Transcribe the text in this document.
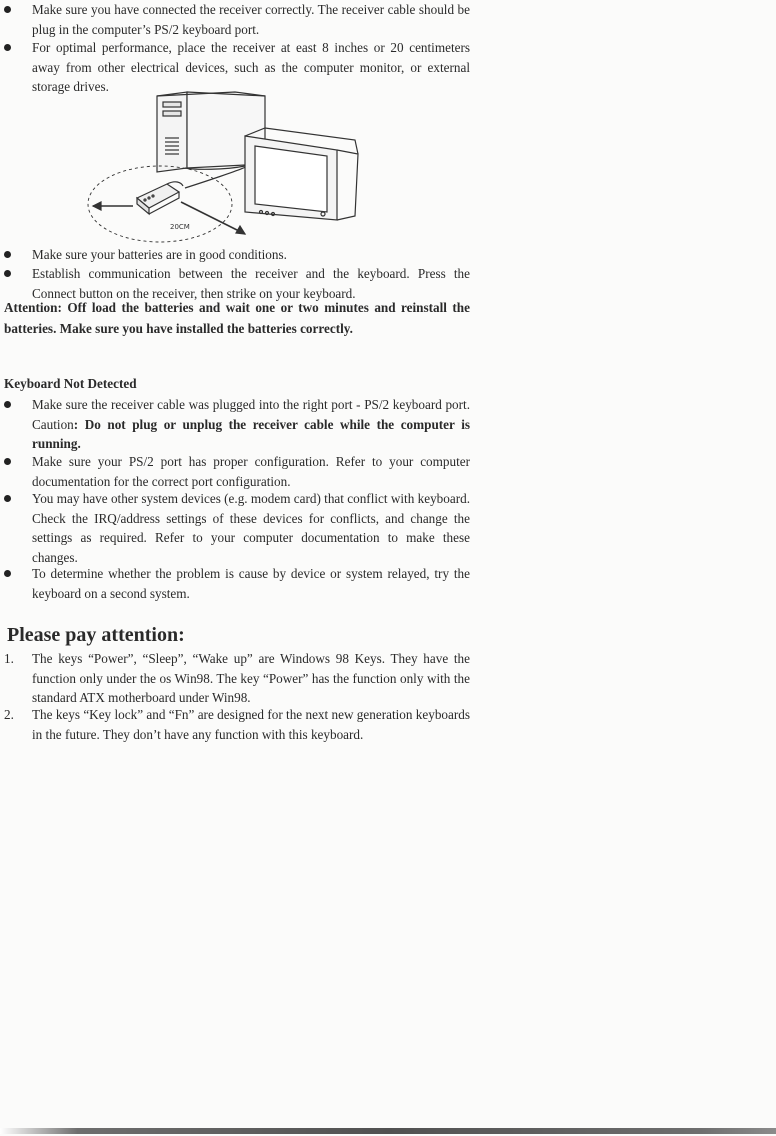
Make sure you have connected the receiver correctly. The receiver cable should be plug in the computer’s PS/2 keyboard port.
For optimal performance, place the receiver at east 8 inches or 20 centimeters away from other electrical devices, such as the computer monitor, or external storage drives.
20CM
Make sure your batteries are in good conditions.
Establish communication between the receiver and the keyboard. Press the Connect button on the receiver, then strike on your keyboard.
Attention: Off load the batteries and wait one or two minutes and reinstall the batteries. Make sure you have installed the batteries correctly.
Keyboard Not Detected
Make sure the receiver cable was plugged into the right port - PS/2 keyboard port. Caution: Do not plug or unplug the receiver cable while the computer is running.
Make sure your PS/2 port has proper configuration. Refer to your computer documentation for the correct port configuration.
You may have other system devices (e.g. modem card) that conflict with keyboard. Check the IRQ/address settings of these devices for conflicts, and change the settings as required. Refer to your computer documentation to make these changes.
To determine whether the problem is cause by device or system relayed, try the keyboard on a second system.
Please pay attention:
1. The keys “Power”, “Sleep”, “Wake up” are Windows 98 Keys. They have the function only under the os Win98. The key “Power” has the function only with the standard ATX motherboard under Win98.
2. The keys “Key lock” and “Fn” are designed for the next new generation keyboards in the future. They don’t have any function with this keyboard.
